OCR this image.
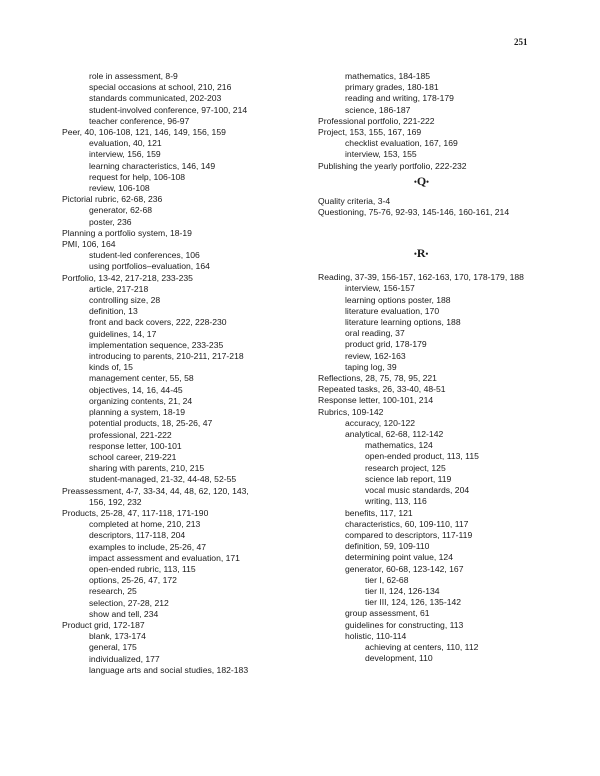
251
role in assessment, 8-9
special occasions at school, 210, 216
standards communicated, 202-203
student-involved conference, 97-100, 214
teacher conference, 96-97
Peer, 40, 106-108, 121, 146, 149, 156, 159
evaluation, 40, 121
interview, 156, 159
learning characteristics, 146, 149
request for help, 106-108
review, 106-108
Pictorial rubric, 62-68, 236
generator, 62-68
poster, 236
Planning a portfolio system, 18-19
PMI, 106, 164
student-led conferences, 106
using portfolios–evaluation, 164
Portfolio, 13-42, 217-218, 233-235
article, 217-218
controlling size, 28
definition, 13
front and back covers, 222, 228-230
guidelines, 14, 17
implementation sequence, 233-235
introducing to parents, 210-211, 217-218
kinds of, 15
management center, 55, 58
objectives, 14, 16, 44-45
organizing contents, 21, 24
planning a system, 18-19
potential products, 18, 25-26, 47
professional, 221-222
response letter, 100-101
school career, 219-221
sharing with parents, 210, 215
student-managed, 21-32, 44-48, 52-55
Preassessment, 4-7, 33-34, 44, 48, 62, 120, 143,
156, 192, 232
Products, 25-28, 47, 117-118, 171-190
completed at home, 210, 213
descriptors, 117-118, 204
examples to include, 25-26, 47
impact assessment and evaluation, 171
open-ended rubric, 113, 115
options, 25-26, 47, 172
research, 25
selection, 27-28, 212
show and tell, 234
Product grid, 172-187
blank, 173-174
general, 175
individualized, 177
language arts and social studies, 182-183
mathematics, 184-185
primary grades, 180-181
reading and writing, 178-179
science, 186-187
Professional portfolio, 221-222
Project, 153, 155, 167, 169
checklist evaluation, 167, 169
interview, 153, 155
Publishing the yearly portfolio, 222-232
•Q•
Quality criteria, 3-4
Questioning, 75-76, 92-93, 145-146, 160-161, 214
•R•
Reading, 37-39, 156-157, 162-163, 170, 178-179, 188
interview, 156-157
learning options poster, 188
literature evaluation, 170
literature learning options, 188
oral reading, 37
product grid, 178-179
review, 162-163
taping log, 39
Reflections, 28, 75, 78, 95, 221
Repeated tasks, 26, 33-40, 48-51
Response letter, 100-101, 214
Rubrics, 109-142
accuracy, 120-122
analytical, 62-68, 112-142
mathematics, 124
open-ended product, 113, 115
research project, 125
science lab report, 119
vocal music standards, 204
writing, 113, 116
benefits, 117, 121
characteristics, 60, 109-110, 117
compared to descriptors, 117-119
definition, 59, 109-110
determining point value, 124
generator, 60-68, 123-142, 167
tier I, 62-68
tier II, 124, 126-134
tier III, 124, 126, 135-142
group assessment, 61
guidelines for constructing, 113
holistic, 110-114
achieving at centers, 110, 112
development, 110
